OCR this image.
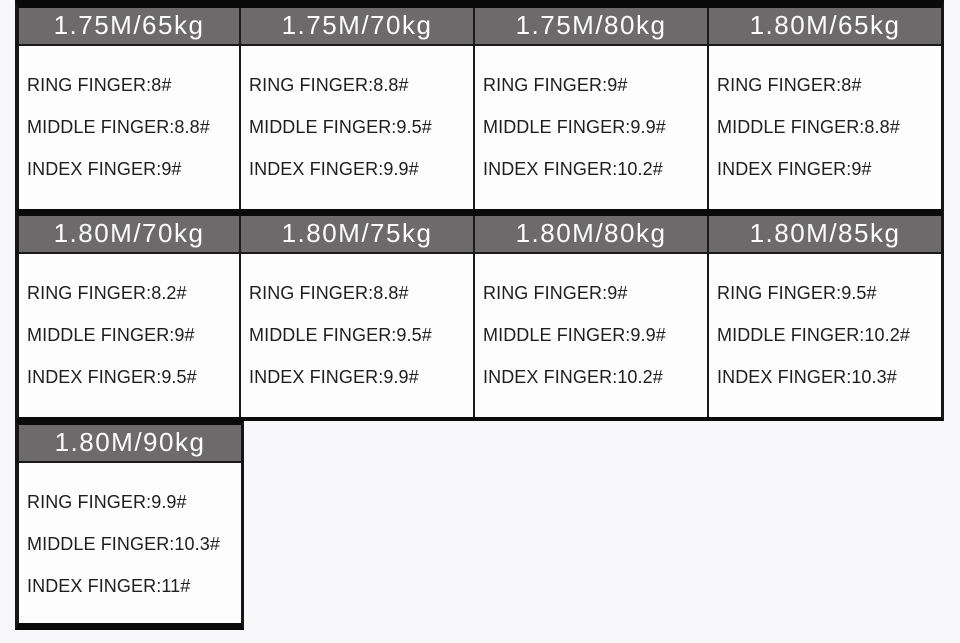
1.75M/65kg
RING FINGER:8#
MIDDLE FINGER:8.8#
INDEX FINGER:9#
1.75M/70kg
RING FINGER:8.8#
MIDDLE FINGER:9.5#
INDEX FINGER:9.9#
1.75M/80kg
RING FINGER:9#
MIDDLE FINGER:9.9#
INDEX FINGER:10.2#
1.80M/65kg
RING FINGER:8#
MIDDLE FINGER:8.8#
INDEX FINGER:9#
1.80M/70kg
RING FINGER:8.2#
MIDDLE FINGER:9#
INDEX FINGER:9.5#
1.80M/75kg
RING FINGER:8.8#
MIDDLE FINGER:9.5#
INDEX FINGER:9.9#
1.80M/80kg
RING FINGER:9#
MIDDLE FINGER:9.9#
INDEX FINGER:10.2#
1.80M/85kg
RING FINGER:9.5#
MIDDLE FINGER:10.2#
INDEX FINGER:10.3#
1.80M/90kg
RING FINGER:9.9#
MIDDLE FINGER:10.3#
INDEX FINGER:11#
